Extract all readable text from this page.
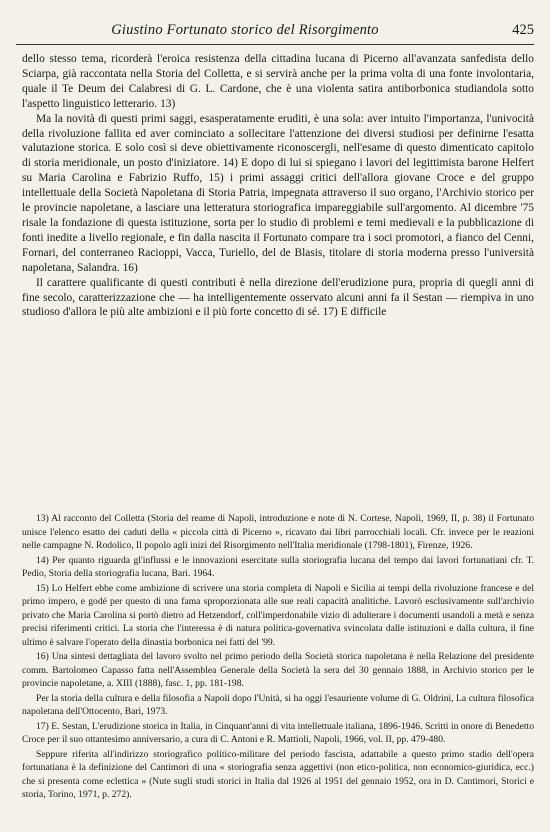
Giustino Fortunato storico del Risorgimento	425

dello stesso tema, ricorderà l'eroica resistenza della cittadina lucana di Picerno all'avanzata sanfedista dello Sciarpa, già raccontata nella Storia del Colletta, e si servirà anche per la prima volta di una fonte involontaria, quale il Te Deum dei Calabresi di G. L. Cardone, che è una violenta satira antiborbonica studiandola sotto l'aspetto linguistico letterario. 13)

Ma la novità di questi primi saggi, esasperatamente eruditi, è una sola: aver intuito l'importanza, l'univocità della rivoluzione fallita ed aver cominciato a sollecitare l'attenzione dei diversi studiosi per definirne l'esatta valutazione storica. E solo così si deve obiettivamente riconoscergli, nell'esame di questo dimenticato capitolo di storia meridionale, un posto d'iniziatore. 14) E dopo di lui si spiegano i lavori del legittimista barone Helfert su Maria Carolina e Fabrizio Ruffo, 15) i primi assaggi critici dell'allora giovane Croce e del gruppo intellettuale della Società Napoletana di Storia Patria, impegnata attraverso il suo organo, l'Archivio storico per le provincie napoletane, a lasciare una letteratura storiografica impareggiabile sull'argomento. Al dicembre '75 risale la fondazione di questa istituzione, sorta per lo studio di problemi e temi medievali e la pubblicazione di fonti inedite a livello regionale, e fin dalla nascita il Fortunato compare tra i soci promotori, a fianco del Cenni, Fornari, del conterraneo Racioppi, Vacca, Turiello, del de Blasis, titolare di storia moderna presso l'università napoletana, Salandra. 16)

Il carattere qualificante di questi contributi è nella direzione dell'erudizione pura, propria di quegli anni di fine secolo, caratterizzazione che — ha intelligentemente osservato alcuni anni fa il Sestan — riempiva in uno studioso d'allora le più alte ambizioni e il più forte concetto di sé. 17) E difficile

13) Al racconto del Colletta (Storia del reame di Napoli, introduzione e note di N. Cortese, Napoli, 1969, II, p. 38) il Fortunato unisce l'elenco esatto dei caduti della « piccola città di Picerno », ricavato dai libri parrocchiali locali. Cfr. invece per le reazioni nelle campagne N. Rodolico, Il popolo agli inizi del Risorgimento nell'Italia meridionale (1798-1801), Firenze, 1926.

14) Per quanto riguarda gl'influssi e le innovazioni esercitate sulla storiografia lucana del tempo dai lavori fortunatiani cfr. T. Pedio, Storia della storiografia lucana, Bari. 1964.

15) Lo Helfert ebbe come ambizione di scrivere una storia completa di Napoli e Sicilia ai tempi della rivoluzione francese e del primo impero, e godé per questo di una fama sproporzionata alle sue reali capacità analitiche. Lavorò esclusivamente sull'archivio privato che Maria Carolina si portò dietro ad Hetzendorf, coll'imperdonabile vizio di adulterare i documenti usandoli a metà e senza precisi riferimenti critici. La storia che l'interessa è di natura politica-governativa svincolata dalle istituzioni e dalla cultura, il fine ultimo è salvare l'operato della dinastia borbonica nei fatti del '99.

16) Una sintesi dettagliata del lavoro svolto nel primo periodo della Società storica napoletana è nella Relazione del presidente comm. Bartolomeo Capasso fatta nell'Assemblea Generale della Società la sera del 30 gennaio 1888, in Archivio storico per le provincie napoletane, a. XIII (1888), fasc. 1, pp. 181-198.

Per la storia della cultura e della filosofia a Napoli dopo l'Unità, si ha oggi l'esauriente volume di G. Oldrini, La cultura filosofica napoletana dell'Ottocento, Bari, 1973.

17) E. Sestan, L'erudizione storica in Italia, in Cinquant'anni di vita intellettuale italiana, 1896-1946. Scritti in onore di Benedetto Croce per il suo ottantesimo anniversario, a cura di C. Antoni e R. Mattioli, Napoli, 1966, vol. II, pp. 479-480.

Seppure riferita all'indirizzo storiografico politico-militare del periodo fascista, adattabile a questo primo stadio dell'opera fortunatiana è la definizione del Cantimori di una « storiografia senza aggettivi (non etico-politica, non economico-giuridica, ecc.) che si presenta come eclettica » (Nute sugli studi storici in Italia dal 1926 al 1951 del gennaio 1952, ora in D. Cantimori, Storici e storia, Torino, 1971, p. 272).
